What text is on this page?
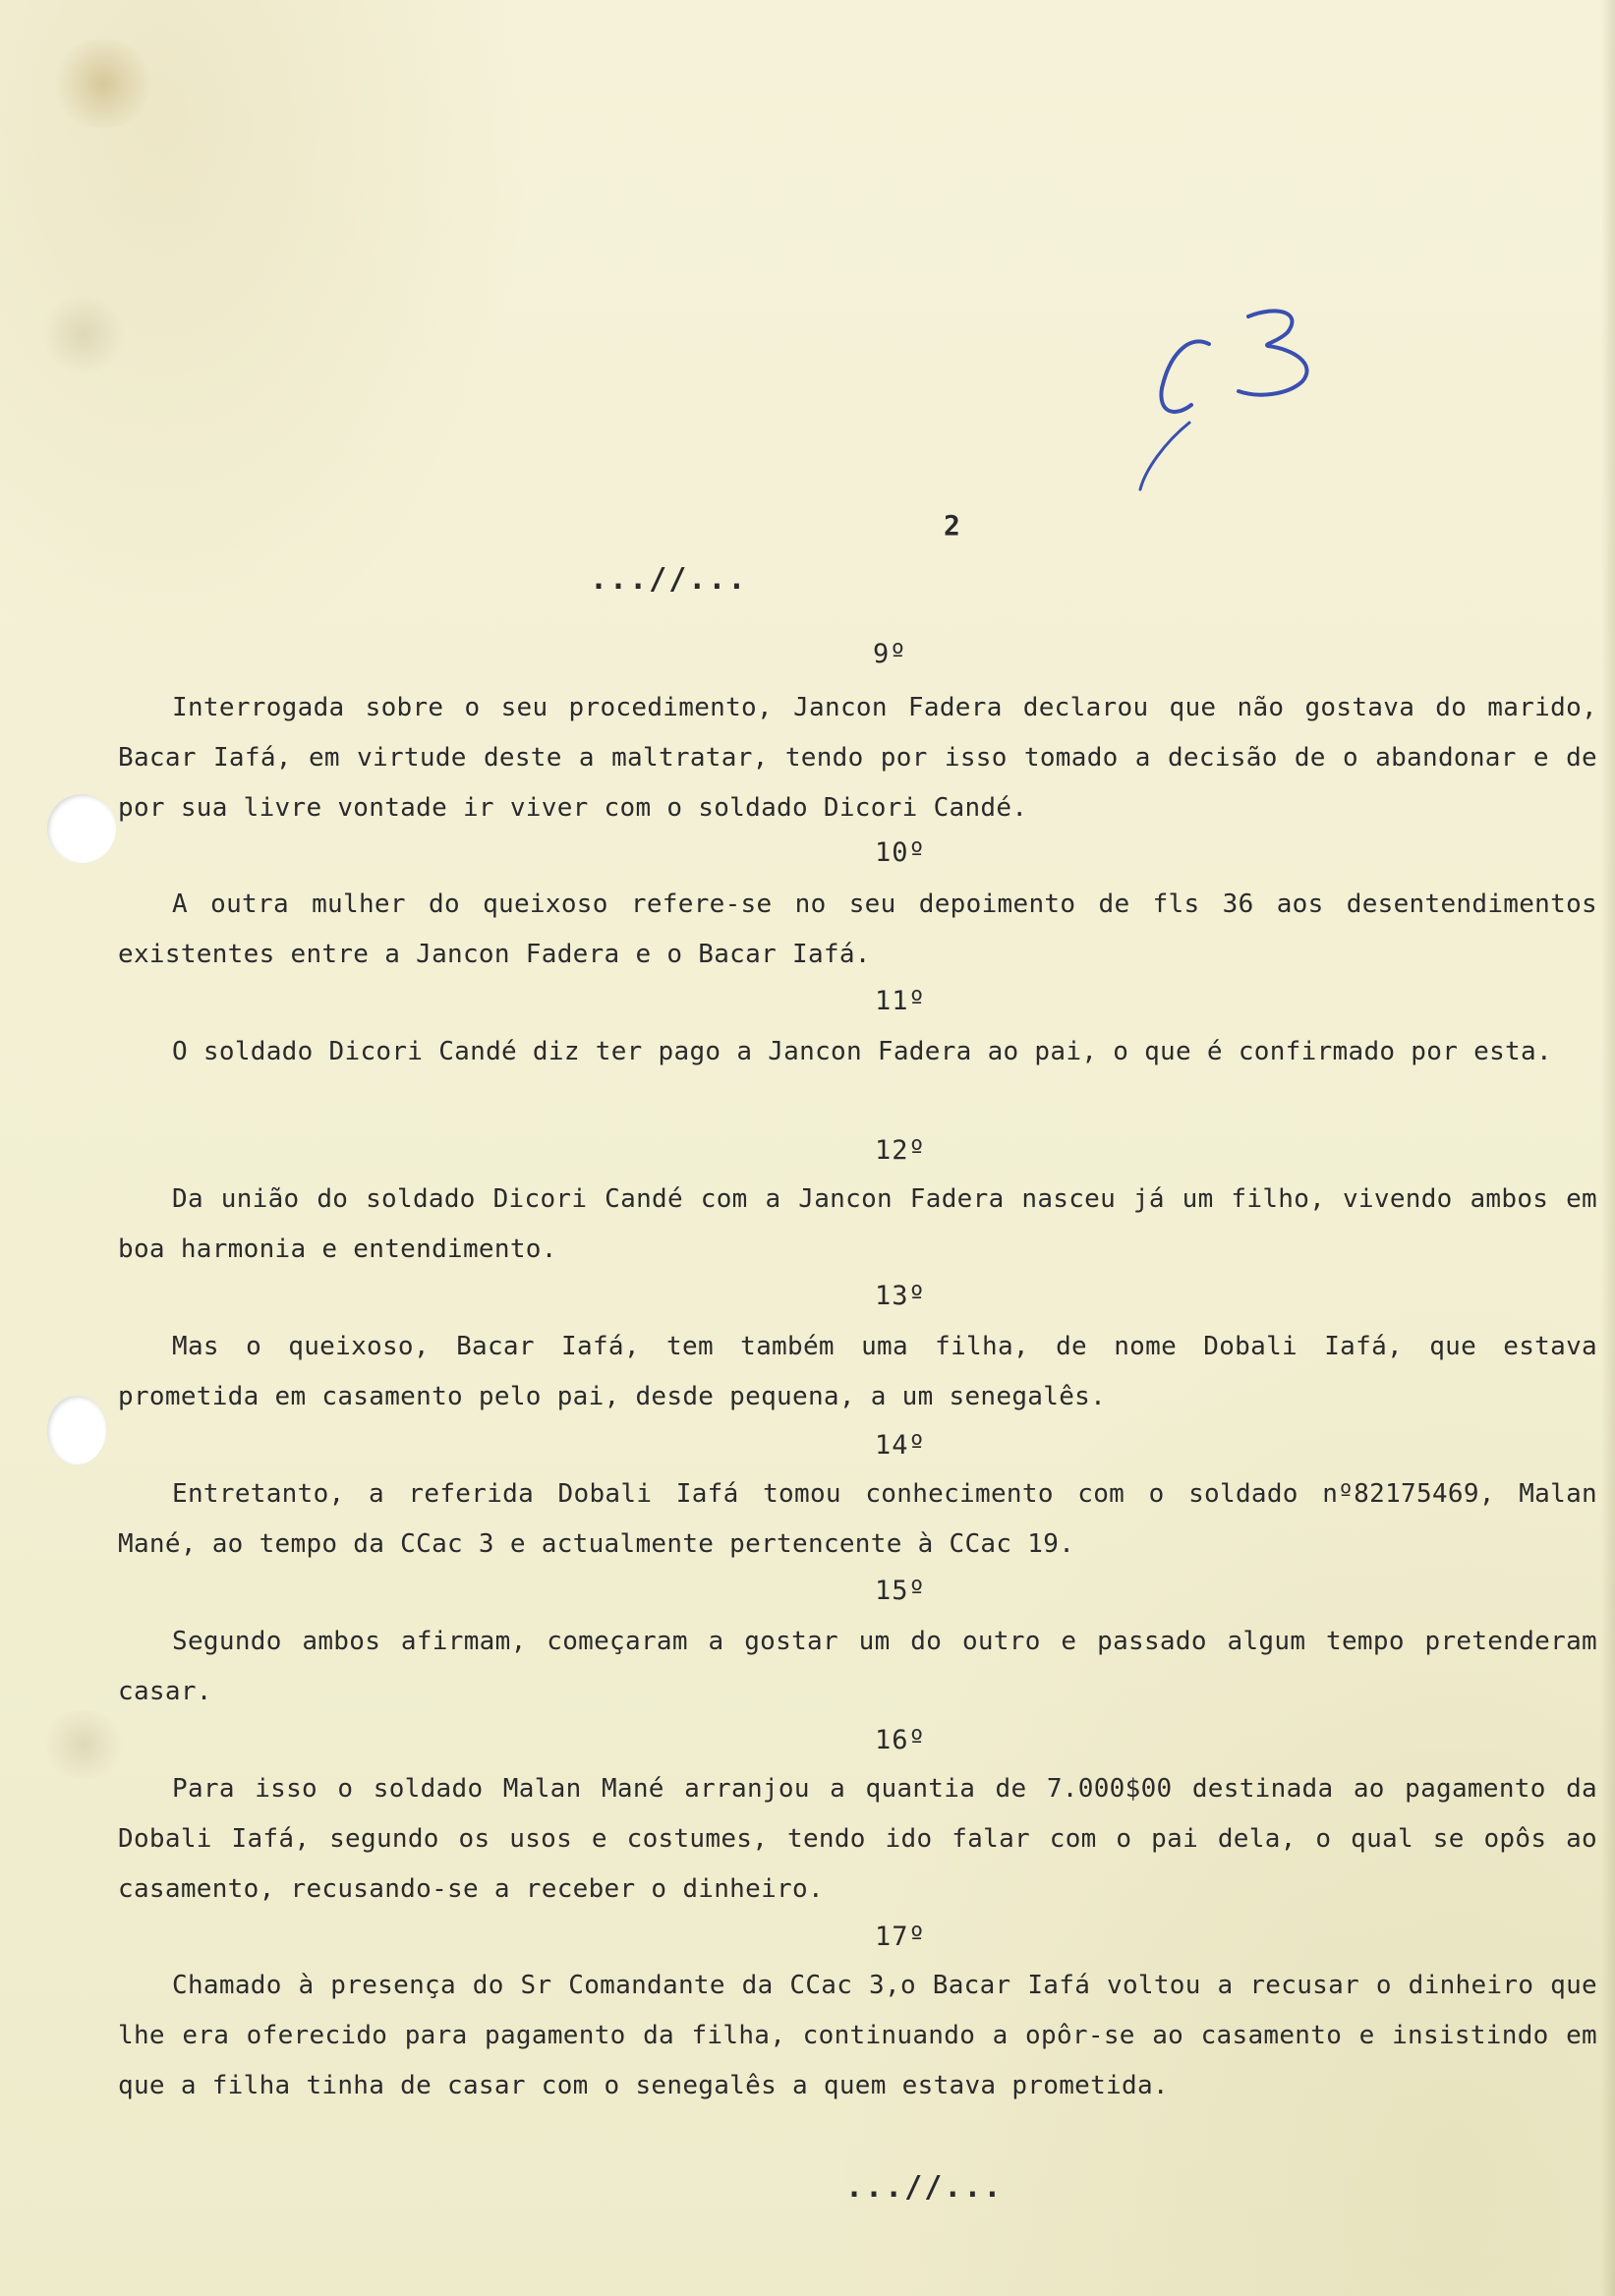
2
...//...
9º

Interrogada sobre o seu procedimento, Jancon Fadera declarou que não gostava do marido, Bacar Iafá, em virtude deste a maltratar, tendo por isso tomado a decisão de o abandonar e de por sua livre vontade ir viver com o soldado Dicori Candé.

10º

A outra mulher do queixoso refere-se no seu depoimento de fls 36 aos desentendimentos existentes entre a Jancon Fadera e o Bacar Iafá.

11º

O soldado Dicori Candé diz ter pago a Jancon Fadera ao pai, o que é confirmado por esta.

12º

Da união do soldado Dicori Candé com a Jancon Fadera nasceu já um filho, vivendo ambos em boa harmonia e entendimento.

13º

Mas o queixoso, Bacar Iafá, tem também uma filha, de nome Dobali Iafá, que estava prometida em casamento pelo pai, desde pequena, a um senegalês.

14º

Entretanto, a referida Dobali Iafá tomou conhecimento com o soldado nº82175469, Malan Mané, ao tempo da CCac 3 e actualmente pertencente à CCac 19.

15º

Segundo ambos afirmam, começaram a gostar um do outro e passado algum tempo pretenderam casar.

16º

Para isso o soldado Malan Mané arranjou a quantia de 7.000$00 destinada ao pagamento da Dobali Iafá, segundo os usos e costumes, tendo ido falar com o pai dela, o qual se opôs ao casamento, recusando-se a receber o dinheiro.

17º

Chamado à presença do Sr Comandante da CCac 3,o Bacar Iafá voltou a recusar o dinheiro que lhe era oferecido para pagamento da filha, continuando a opôr-se ao casamento e insistindo em que a filha tinha de casar com o senegalês a quem estava prometida.

...//...
